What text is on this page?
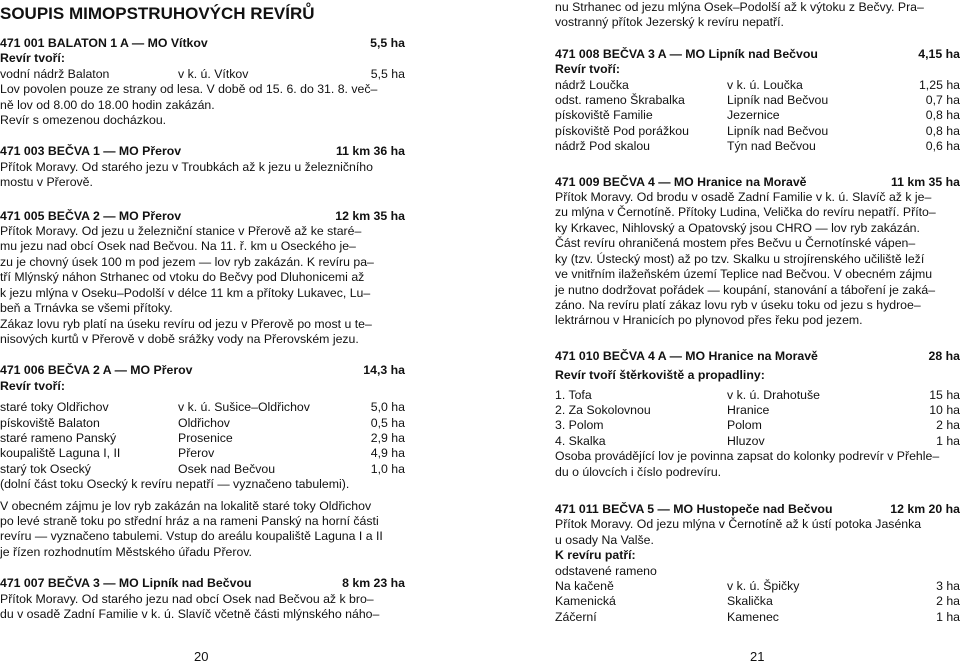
SOUPIS MIMOPSTRUHOVÝCH REVÍRŮ
471 001 BALATON 1 A — MO Vítkov	5,5 ha
Revír tvoří:
vodní nádrž Balaton	v k. ú. Vítkov	5,5 ha

Lov povolen pouze ze strany od lesa. V době od 15. 6. do 31. 8. več–

ně lov od 8.00 do 18.00 hodin zakázán.

Revír s omezenou docházkou.

471 003 BEČVA 1 — MO Přerov	11 km 36 ha

Přítok Moravy. Od starého jezu v Troubkách až k jezu u železničního

mostu v Přerově.

471 005 BEČVA 2 — MO Přerov	12 km 35 ha

Přítok Moravy. Od jezu u železniční stanice v Přerově až ke staré–

mu jezu nad obcí Osek nad Bečvou. Na 11. ř. km u Oseckého je–

zu je chovný úsek 100 m pod jezem — lov ryb zakázán. K revíru pa–

tří Mlýnský náhon Strhanec od vtoku do Bečvy pod Dluhonicemi až

k jezu mlýna v Oseku–Podolší v délce 11 km a přítoky Lukavec, Lu–

beň a Trnávka se všemi přítoky.

Zákaz lovu ryb platí na úseku revíru od jezu v Přerově po most u te–

nisových kurtů v Přerově v době srážky vody na Přerovském jezu.

471 006 BEČVA 2 A — MO Přerov	14,3 ha
Revír tvoří:
staré toky Oldřichov	v k. ú. Sušice–Oldřichov	5,0 ha
pískoviště Balaton	Oldřichov	0,5 ha
staré rameno Panský	Prosenice	2,9 ha
koupaliště Laguna I, II	Přerov	4,9 ha
starý tok Osecký	Osek nad Bečvou	1,0 ha

(dolní část toku Osecký k revíru nepatří — vyznačeno tabulemi).

V obecném zájmu je lov ryb zakázán na lokalitě staré toky Oldřichov

po levé straně toku po střední hráz a na rameni Panský na horní části

revíru — vyznačeno tabulemi. Vstup do areálu koupaliště Laguna I a II

je řízen rozhodnutím Městského úřadu Přerov.

471 007 BEČVA 3 — MO Lipník nad Bečvou	8 km 23 ha

Přítok Moravy. Od starého jezu nad obcí Osek nad Bečvou až k bro–

du v osadě Zadní Familie v k. ú. Slavíč včetně části mlýnského náho–

20

nu Strhanec od jezu mlýna Osek–Podolší až k výtoku z Bečvy. Pra–

vostranný přítok Jezerský k revíru nepatří.

471 008 BEČVA 3 A — MO Lipník nad Bečvou	4,15 ha
Revír tvoří:
nádrž Loučka	v k. ú. Loučka	1,25 ha
odst. rameno Škrabalka	Lipník nad Bečvou	0,7 ha
pískoviště Familie	Jezernice	0,8 ha
pískoviště Pod porážkou	Lipník nad Bečvou	0,8 ha
nádrž Pod skalou	Týn nad Bečvou	0,6 ha
471 009 BEČVA 4 — MO Hranice na Moravě	11 km 35 ha

Přítok Moravy. Od brodu v osadě Zadní Familie v k. ú. Slavíč až k je–

zu mlýna v Černotíně. Přítoky Ludina, Velička do revíru nepatří. Příto–

ky Krkavec, Nihlovský a Opatovský jsou CHRO — lov ryb zakázán.

Část revíru ohraničená mostem přes Bečvu u Černotínské vápen–

ky (tzv. Ústecký most) až po tzv. Skalku u strojírenského učiliště leží

ve vnitřním ilažeňském území Teplice nad Bečvou. V obecném zájmu

je nutno dodržovat pořádek — koupání, stanování a táboření je zaká–

záno. Na revíru platí zákaz lovu ryb v úseku toku od jezu s hydroe–

lektrárnou v Hranicích po plynovod přes řeku pod jezem.

471 010 BEČVA 4 A — MO Hranice na Moravě	28 ha
Revír tvoří štěrkoviště a propadliny:
1. Tofa	v k. ú. Drahotuše	15 ha
2. Za Sokolovnou	Hranice	10 ha
3. Polom	Polom	2 ha
4. Skalka	Hluzov	1 ha

Osoba provádějící lov je povinna zapsat do kolonky podrevír v Přehle–

du o úlovcích i číslo podrevíru.

471 011 BEČVA 5 — MO Hustopeče nad Bečvou	12 km 20 ha

Přítok Moravy. Od jezu mlýna v Černotíně až k ústí potoka Jasénka

u osady Na Valše.

K revíru patří:

odstavené rameno

Na kačeně	v k. ú. Špičky	3 ha
Kamenická	Skalička	2 ha
Záčerní	Kamenec	1 ha
21
